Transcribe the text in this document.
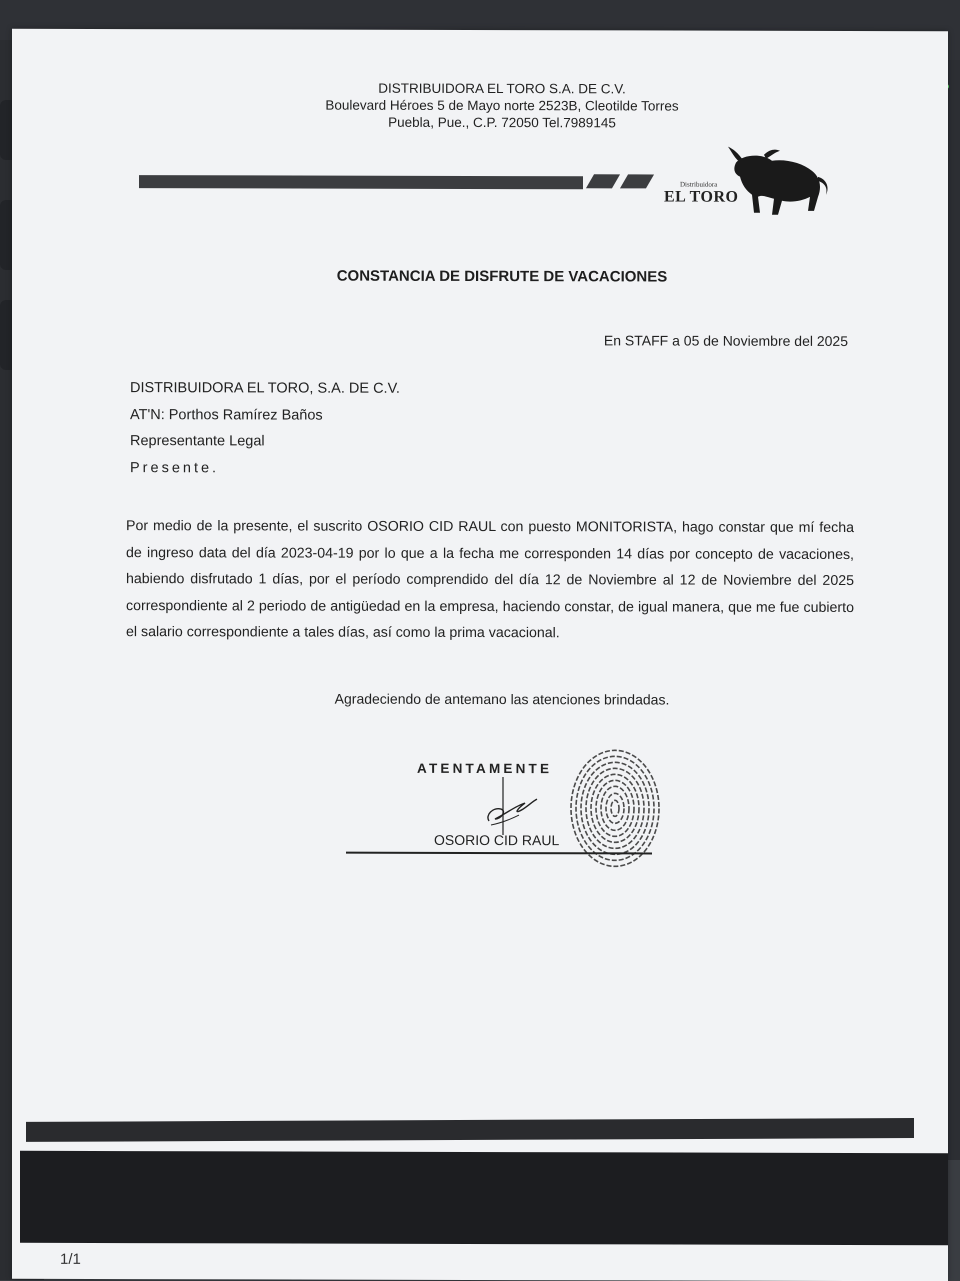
DISTRIBUIDORA EL TORO S.A. DE C.V.
Boulevard Héroes 5 de Mayo norte 2523B, Cleotilde Torres
Puebla, Pue., C.P. 72050 Tel.7989145
Distribuidora
EL TORO
CONSTANCIA DE DISFRUTE DE VACACIONES
En STAFF a 05 de Noviembre del 2025
DISTRIBUIDORA EL TORO, S.A. DE C.V.
AT'N: Porthos Ramírez Baños
Representante Legal
Presente.
Por medio de la presente, el suscrito OSORIO CID RAUL con puesto MONITORISTA, hago constar que mí fecha de ingreso data del día 2023-04-19 por lo que a la fecha me corresponden 14 días por concepto de vacaciones, habiendo disfrutado 1 días, por el período comprendido del día 12 de Noviembre al 12 de Noviembre del 2025 correspondiente al 2 periodo de antigüedad en la empresa, haciendo constar, de igual manera, que me fue cubierto el salario correspondiente a tales días, así como la prima vacacional.
Agradeciendo de antemano las atenciones brindadas.
ATENTAMENTE
OSORIO CID RAUL
1/1
